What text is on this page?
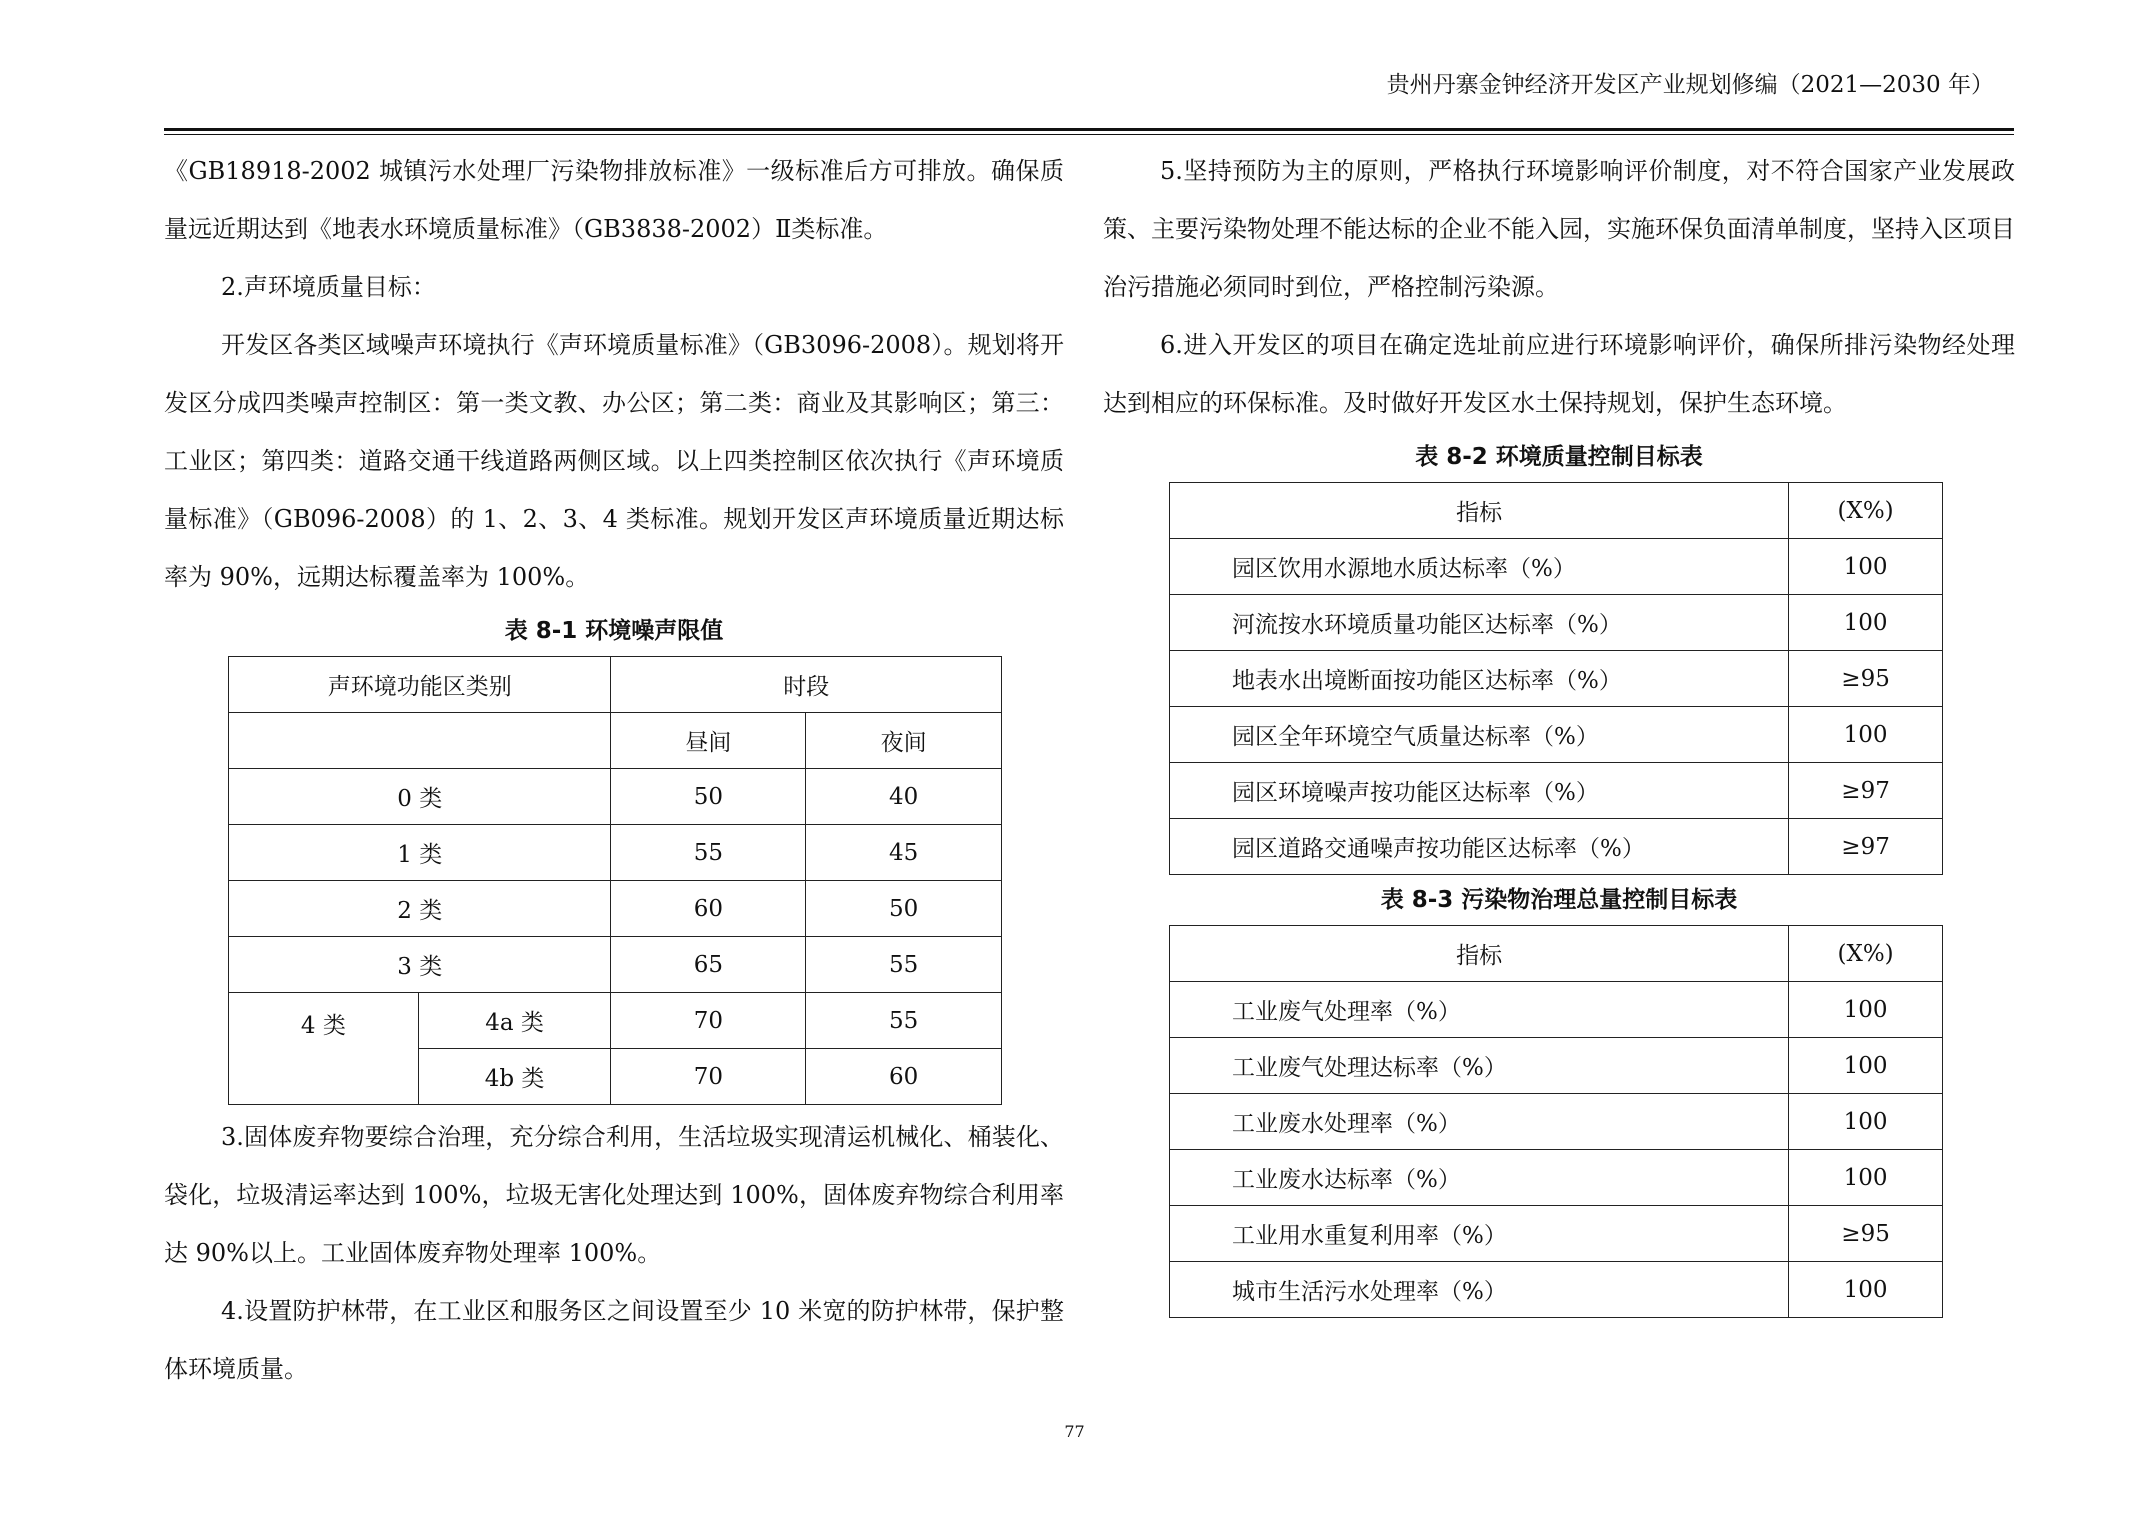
贵州丹寨金钟经济开发区产业规划修编（2021—2030 年）

《GB18918-2002 城镇污水处理厂污染物排放标准》一级标准后方可排放。确保质量远近期达到《地表水环境质量标准》（GB3838-2002）Ⅱ类标准。

2.声环境质量目标：

开发区各类区域噪声环境执行《声环境质量标准》（GB3096-2008）。规划将开发区分成四类噪声控制区：第一类文教、办公区；第二类：商业及其影响区；第三：工业区；第四类：道路交通干线道路两侧区域。以上四类控制区依次执行《声环境质量标准》（GB096-2008）的 1、2、3、4 类标准。规划开发区声环境质量近期达标率为 90%，远期达标覆盖率为 100%。

表 8-1 环境噪声限值
声环境功能区类别		时段	
		昼间	夜间
0 类		50	40
1 类		55	45
2 类		60	50
3 类		65	55
4 类	4a 类	70	55
	4b 类	70	60

3.固体废弃物要综合治理，充分综合利用，生活垃圾实现清运机械化、桶装化、袋化，垃圾清运率达到 100%，垃圾无害化处理达到 100%，固体废弃物综合利用率达 90%以上。工业固体废弃物处理率 100%。

4.设置防护林带，在工业区和服务区之间设置至少 10 米宽的防护林带，保护整体环境质量。

5.坚持预防为主的原则，严格执行环境影响评价制度，对不符合国家产业发展政策、主要污染物处理不能达标的企业不能入园，实施环保负面清单制度，坚持入区项目治污措施必须同时到位，严格控制污染源。

6.进入开发区的项目在确定选址前应进行环境影响评价，确保所排污染物经处理达到相应的环保标准。及时做好开发区水土保持规划，保护生态环境。

表 8-2 环境质量控制目标表
指标	(X%)
园区饮用水源地水质达标率（%）	100
河流按水环境质量功能区达标率（%）	100
地表水出境断面按功能区达标率（%）	≥95
园区全年环境空气质量达标率（%）	100
园区环境噪声按功能区达标率（%）	≥97
园区道路交通噪声按功能区达标率（%）	≥97
表 8-3 污染物治理总量控制目标表
指标	(X%)
工业废气处理率（%）	100
工业废气处理达标率（%）	100
工业废水处理率（%）	100
工业废水达标率（%）	100
工业用水重复利用率（%）	≥95
城市生活污水处理率（%）	100
77
